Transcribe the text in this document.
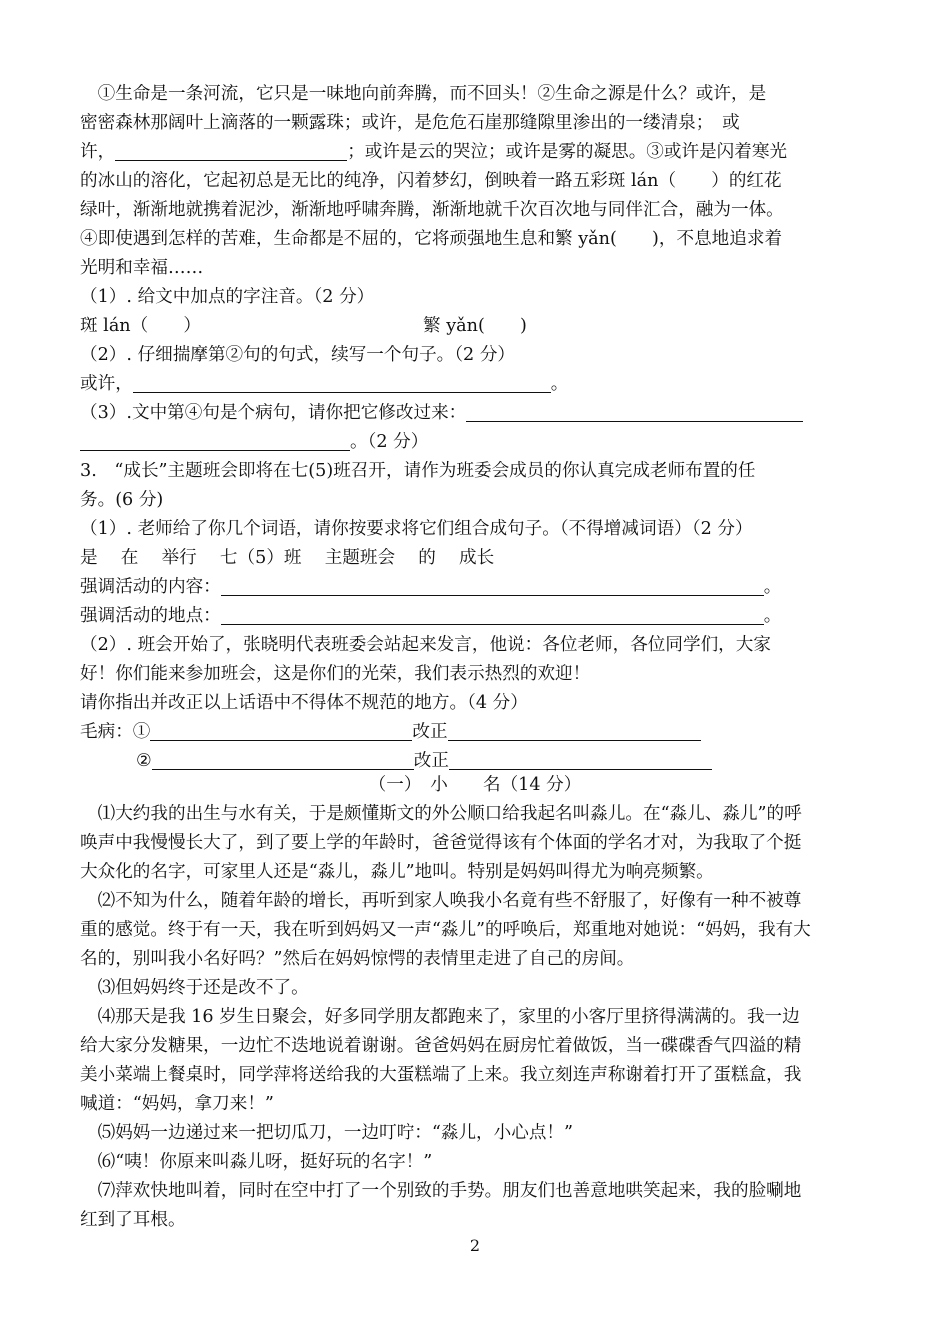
　①生命是一条河流，它只是一味地向前奔腾，而不回头！②生命之源是什么？或许，是
密密森林那阔叶上滴落的一颗露珠；或许，是危危石崖那缝隙里渗出的一缕清泉；　或
许，	；或许是云的哭泣；或许是雾的凝思。③或许是闪着寒光
的冰山的溶化，它起初总是无比的纯净，闪着梦幻，倒映着一路五彩斑 lán（　　）的红花
绿叶，渐渐地就携着泥沙，渐渐地呼啸奔腾，渐渐地就千次百次地与同伴汇合，融为一体。
④即使遇到怎样的苦难，生命都是不屈的，它将顽强地生息和繁 yǎn(　　)，不息地追求着
光明和幸福……
（1）. 给文中加点的字注音。（2 分）
斑 lán（　　）	繁 yǎn(　　)
（2）. 仔细揣摩第②句的句式，续写一个句子。（2 分）
或许，	。
（3）.文中第④句是个病句，请你把它修改过来：
。（2 分）
3.　“成长”主题班会即将在七(5)班召开，请作为班委会成员的你认真完成老师布置的任
务。(6 分)
（1）. 老师给了你几个词语，请你按要求将它们组合成句子。（不得增减词语）（2 分）
是　 在　 举行　 七（5）班　 主题班会　 的　 成长
强调活动的内容：	。
强调活动的地点：	。
（2）. 班会开始了，张晓明代表班委会站起来发言，他说：各位老师，各位同学们，大家
好！你们能来参加班会，这是你们的光荣，我们表示热烈的欢迎！
请你指出并改正以上话语中不得体不规范的地方。（4 分）
毛病：①	改正
②	改正
（一）　小　　名（14 分）
　⑴大约我的出生与水有关，于是颇懂斯文的外公顺口给我起名叫淼儿。在“淼儿、淼儿”的呼
唤声中我慢慢长大了，到了要上学的年龄时，爸爸觉得该有个体面的学名才对，为我取了个挺
大众化的名字，可家里人还是“淼儿，淼儿”地叫。特别是妈妈叫得尤为响亮频繁。
　⑵不知为什么，随着年龄的增长，再听到家人唤我小名竟有些不舒服了，好像有一种不被尊
重的感觉。终于有一天，我在听到妈妈又一声“淼儿”的呼唤后，郑重地对她说：“妈妈，我有大
名的，别叫我小名好吗？”然后在妈妈惊愕的表情里走进了自己的房间。
　⑶但妈妈终于还是改不了。
　⑷那天是我 16 岁生日聚会，好多同学朋友都跑来了，家里的小客厅里挤得满满的。我一边
给大家分发糖果，一边忙不迭地说着谢谢。爸爸妈妈在厨房忙着做饭，当一碟碟香气四溢的精
美小菜端上餐桌时，同学萍将送给我的大蛋糕端了上来。我立刻连声称谢着打开了蛋糕盒，我
喊道：“妈妈，拿刀来！”
　⑸妈妈一边递过来一把切瓜刀，一边叮咛：“淼儿，小心点！”
　⑹“咦！你原来叫淼儿呀，挺好玩的名字！”
　⑺萍欢快地叫着，同时在空中打了一个别致的手势。朋友们也善意地哄笑起来，我的脸唰地
红到了耳根。
2
